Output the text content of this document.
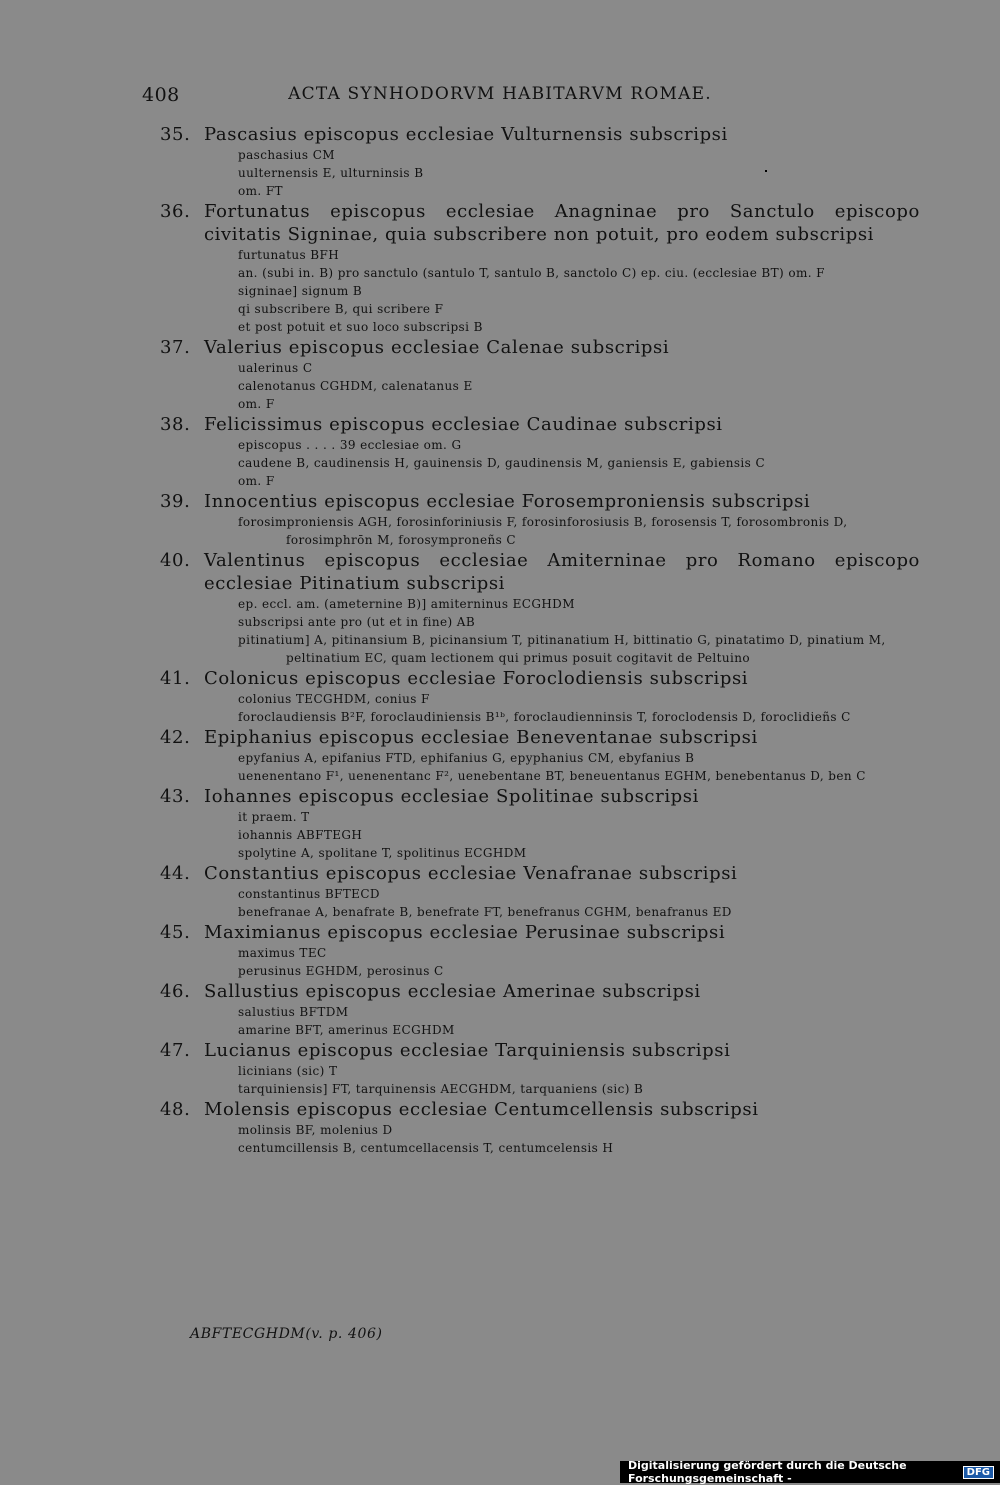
408	ACTA SYNHODORVM HABITARVM ROMAE.
35. Pascasius episcopus ecclesiae Vulturnensis subscripsi
paschasius CM
uulternensis E, ulturninsis B
om. FT
36. Fortunatus episcopus ecclesiae Anagninae pro Sanctulo episcopo civitatis Signinae, quia subscribere non potuit, pro eodem subscripsi
furtunatus BFH
an. (subi in. B) pro sanctulo (santulo T, santulo B, sanctolo C) ep. ciu. (ecclesiae BT) om. F
signinae] signum B
qi subscribere B, qui scribere F
et post potuit et suo loco subscripsi B
37. Valerius episcopus ecclesiae Calenae subscripsi
ualerinus C
calenotanus CGHDM, calenatanus E
om. F
38. Felicissimus episcopus ecclesiae Caudinae subscripsi
episcopus . . . . 39 ecclesiae om. G
caudene B, caudinensis H, gauinensis D, gaudinensis M, ganiensis E, gabiensis C
om. F
39. Innocentius episcopus ecclesiae Forosemproniensis subscripsi
forosimproniensis AGH, forosinforiniusis F, forosinforosiusis B, forosensis T, forosombronis D, forosimphrōn M, forosymproneñs C
40. Valentinus episcopus ecclesiae Amiterninae pro Romano episcopo ecclesiae Pitinatium subscripsi
ep. eccl. am. (ameternine B)] amiterninus ECGHDM
subscripsi ante pro (ut et in fine) AB
pitinatium] A, pitinansium B, picinansium T, pitinanatium H, bittinatio G, pinatatimo D, pinatium M, peltinatium EC, quam lectionem qui primus posuit cogitavit de Peltuino
41. Colonicus episcopus ecclesiae Foroclodiensis subscripsi
colonius TECGHDM, conius F
foroclaudiensis B²F, foroclaudiniensis B¹ᵇ, foroclaudienninsis T, foroclodensis D, foroclidieñs C
42. Epiphanius episcopus ecclesiae Beneventanae subscripsi
epyfanius A, epifanius FTD, ephifanius G, epyphanius CM, ebyfanius B
uenenentano F¹, uenenentanc F², uenebentane BT, beneuentanus EGHM, benebentanus D, ben C
43. Iohannes episcopus ecclesiae Spolitinae subscripsi
it praem. T
iohannis ABFTEGH
spolytine A, spolitane T, spolitinus ECGHDM
44. Constantius episcopus ecclesiae Venafranae subscripsi
constantinus BFTECD
benefranae A, benafrate B, benefrate FT, benefranus CGHM, benafranus ED
45. Maximianus episcopus ecclesiae Perusinae subscripsi
maximus TEC
perusinus EGHDM, perosinus C
46. Sallustius episcopus ecclesiae Amerinae subscripsi
salustius BFTDM
amarine BFT, amerinus ECGHDM
47. Lucianus episcopus ecclesiae Tarquiniensis subscripsi
licinians (sic) T
tarquiniensis] FT, tarquinensis AECGHDM, tarquaniens (sic) B
48. Molensis episcopus ecclesiae Centumcellensis subscripsi
molinsis BF, molenius D
centumcillensis B, centumcellacensis T, centumcelensis H
ABFTECGHDM(v. p. 406)
Digitalisierung gefördert durch die Deutsche Forschungsgemeinschaft -	DFG
